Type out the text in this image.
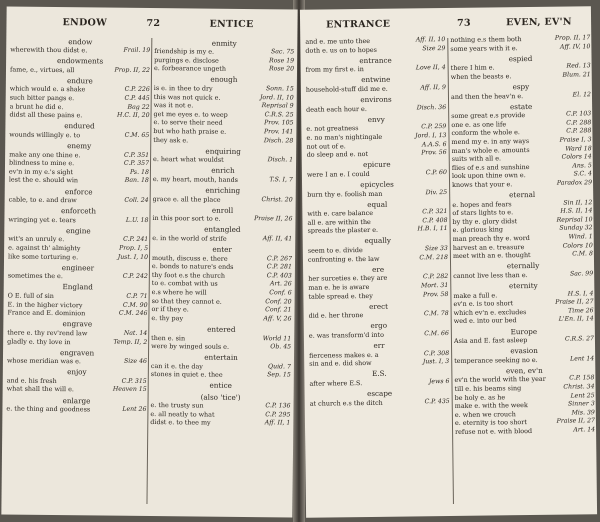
ENDOW	72	ENTICE
endow
wherewith thou didst e.	Frail. 19
endowments
fame, e., virtues, all	Prop. II, 22
endure
which would e. a shake	C.P. 226
such bitter pangs e.	C.P. 445
a brunt he did e.	Bag 22
didst all these pains e.	H.C. II, 20
endured
wounds willingly e. to	C.M. 65
enemy
make any one thine e.	C.P. 351
blindness to mine e.	C.P. 357
ev'n in my e.'s sight	Ps. 18
lest the e. should win	Ban. 18
enforce
cable, to e. and draw	Coll. 24
enforceth
wringing yet e. tears	L.U. 18
engine
wit's an unruly e.	C.P. 241
e. against th' almighty	Prop. I, 5
like some torturing e.	Just. I, 10
engineer
sometimes the e.	C.P. 242
England
O E. full of sin	C.P. 71
E. in the higher victory	C.M. 90
France and E. dominion	C.M. 246
engrave
there e. thy rev'rend law	Nat. 14
gladly e. thy love in	Temp. II, 2
engraven
whose meridian was e.	Size 46
enjoy
and e. his fresh	C.P. 315
what shall the will e.	Heaven 15
enlarge
e. the thing and goodness	Lent 26
enmity
friendship is my e.	Sac. 75
purgings e. disclose	Rose 19
e. forbearance ungeth	Rose 20
enough
is e. in thee to dry	Sonn. 15
this was not quick e.	Jord. II, 10
was it not e.	Reprisal 9
get me eyes e. to weep	C.R.S. 25
e. to serve their need	Prov. 105
but who hath praise e.	Prov. 141
they ask e.	Disch. 28
enquiring
e. heart what wouldst	Disch. 1
enrich
e. my heart, mouth, hands	T.S. I, 7
enriching
grace e. all the place	Christ. 20
enroll
in this poor sort to e.	Praise II, 26
entangled
e. in the world of strife	Aff. II, 41
enter
mouth, discuss e. there	C.P. 267
e. bonds to nature's ends	C.P. 281
thy foot e.s the church	C.P. 403
to e. combat with us	Art. 26
e.s where he will	Conf. 6
so that they cannot e.	Conf. 20
or if they e.	Conf. 21
e. thy pay	Aff. V, 26
entered
then e. sin	World 11
were by winged souls e.	Ob. 45
entertain
can it e. the day	Quid. 7
stones in quiet e. thee	Sep. 15
entice
(also 'tice')
e. the trusty sun	C.P. 136
e. all neatly to what	C.P. 295
didst e. to thee my	Aff. II, 1
ENTRANCE	73	EVEN, EV'N
and e. me unto thee	Aff. II, 10
doth e. us on to hopes	Size 29
entrance
from my first e. in	Love II, 4
entwine
household-stuff did me e.	Aff. II, 9
environs
death each hour e.	Disch. 36
envy
e. not greatness	C.P. 259
e. no man's nightingale	Jord. I, 13
not out of e.	A.A.S. 6
do sleep and e. not	Prov. 56
epicure
were I an e. I could	C.P. 60
epicycles
burn thy e. foolish man	Div. 25
equal
with e. care balance	C.P. 321
all e. are within the	C.P. 408
spreads the plaster e.	H.B. I, 11
equally
seem to e. divide	Size 33
confronting e. the law	C.M. 218
ere
her surceties e. they are	C.P. 282
man e. he is aware	Mort. 31
table spread e. they	Prov. 58
erect
did e. her throne	C.M. 78
ergo
e. was transform'd into	C.M. 66
err
fierceness makes e. a	C.P. 308
sin and e. did show	Just. I, 3
E.S.
after where E.S.	Jews 6
escape
at church e.s the ditch	C.P. 435
nothing e.s them both	Prop. II, 17
some years with it e.	Aff. IV, 10
espied
there I him e.	Red. 13
when the beasts e.	Blum. 21
espy
and then the heav'n e.	El. 12
estate
some great e.s provide	C.P. 103
one e. as one life	C.P. 288
conform the whole e.	C.P. 288
mend my e. in any ways	Praise I, 3
man's whole e. amounts	Ward 18
suits with all e.	Colors 14
flies of e.s and sunshine	Ans. 5
look upon thine own e.	S.C. 4
knows that your e.	Paradox 29
eternal
e. hopes and fears	Sin II, 12
of stars lights to e.	H.S. II, 14
by thy e. glory didst	Reprisal 10
e. glorious king	Sunday 32
man preach thy e. word	Wind. 1
harvest an e. treasure	Colors 10
meet with an e. thought	C.M. 8
eternally
cannot live less than e.	Sac. 99
eternity
make a full e.	H.S. I, 4
ev'n e. is too short	Praise II, 27
which ev'n e. excludes	Time 26
wed e. into our bed	L'En. II, 14
Europe
Asia and E. fast asleep	C.R.S. 27
evasion
temperance seeking no e.	Lent 14
even, ev'n
ev'n the world with the year	C.P. 158
till e. his beams sing	Christ. 34
be holy e. as he	Lent 25
make e. with the week	Sinner 3
e. when we crouch	Mis. 39
e. eternity is too short	Praise II, 27
refuse not e. with blood	Art. 14
